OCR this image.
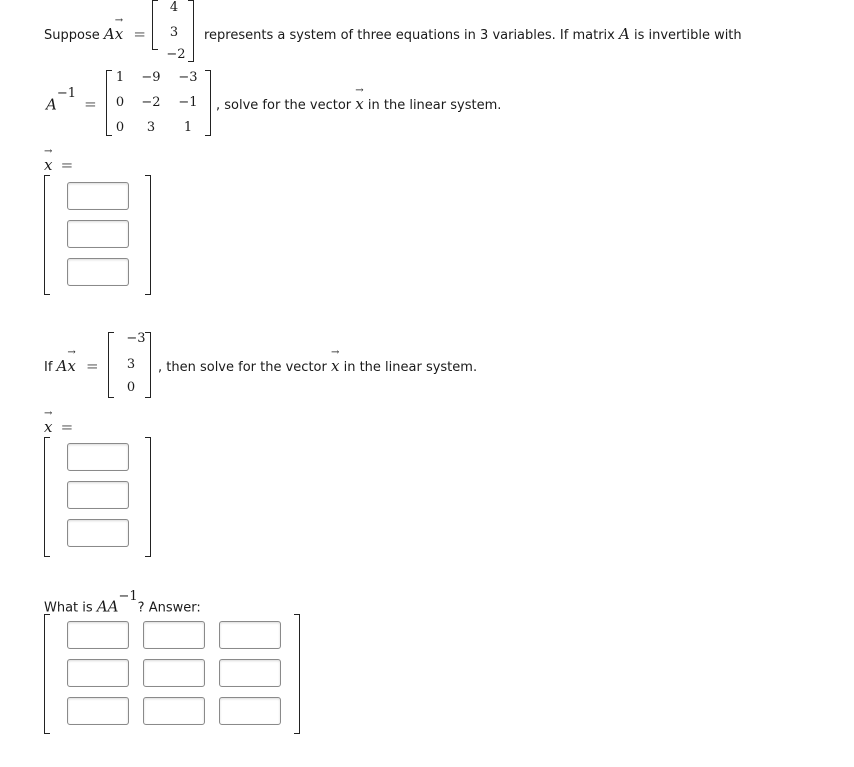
Suppose Ax
→
=
4
3
−2
represents a system of three equations in 3 variables. If matrix A is invertible with
$A^{-1}$ =
1	−9 −3
0	−2 −1
0	3	1
, solve for the vector x
→
in the linear system.
x
→
=
If Ax
→
=
−3
3
0
, then solve for the vector x
→
in the linear system.
x
→
=
What is $AA^{-1}$? Answer:
